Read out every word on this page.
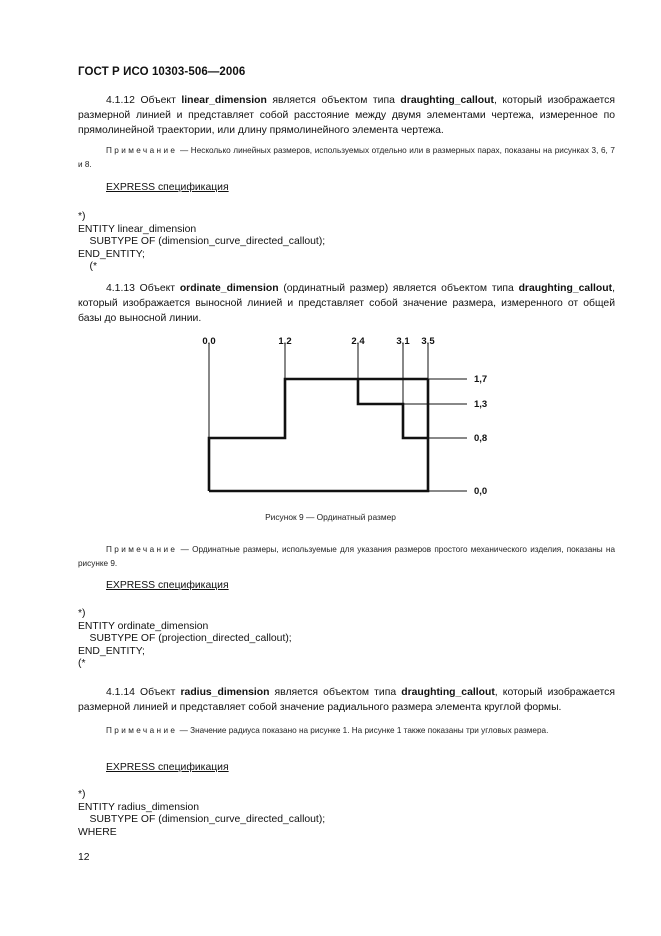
ГОСТ Р ИСО 10303-506—2006
4.1.12 Объект linear_dimension является объектом типа draughting_callout, который изображается размерной линией и представляет собой расстояние между двумя элементами чертежа, измеренное по прямолинейной траектории, или длину прямолинейного элемента чертежа.
Примечание — Несколько линейных размеров, используемых отдельно или в размерных парах, показаны на рисунках 3, 6, 7 и 8.
EXPRESS спецификация
*)
ENTITY linear_dimension
SUBTYPE OF (dimension_curve_directed_callout);
END_ENTITY;
(*
4.1.13 Объект ordinate_dimension (ординатный размер) является объектом типа draughting_callout, который изображается выносной линией и представляет собой значение размера, измеренного от общей базы до выносной линии.
0,0	1,2	2,4	3,1 3,5
1,7
1,3
0,8
0,0
Рисунок 9 — Ординатный размер
Примечание — Ординатные размеры, используемые для указания размеров простого механического изделия, показаны на рисунке 9.
EXPRESS спецификация
*)
ENTITY ordinate_dimension
SUBTYPE OF (projection_directed_callout);
END_ENTITY;
(*
4.1.14 Объект radius_dimension является объектом типа draughting_callout, который изображается размерной линией и представляет собой значение радиального размера элемента круглой формы.
Примечание — Значение радиуса показано на рисунке 1. На рисунке 1 также показаны три угловых размера.
EXPRESS спецификация
*)
ENTITY radius_dimension
SUBTYPE OF (dimension_curve_directed_callout);
WHERE
12
